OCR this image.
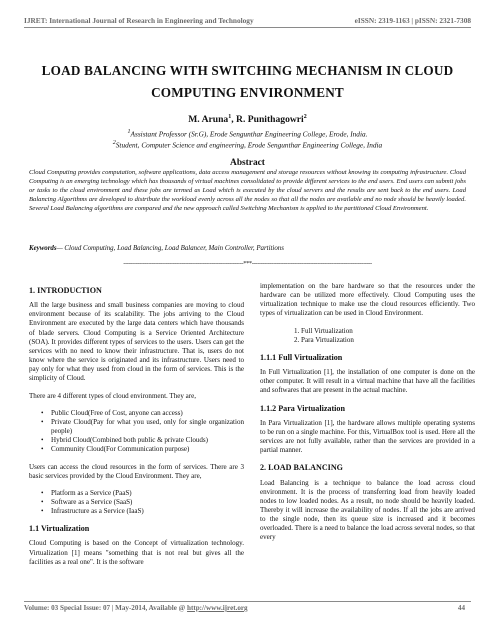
IJRET: International Journal of Research in Engineering and Technology	eISSN: 2319-1163 | pISSN: 2321-7308
LOAD BALANCING WITH SWITCHING MECHANISM IN CLOUD
COMPUTING ENVIRONMENT
M. Aruna$^1$, R. Punithagowri$^2$
$^1$Assistant Professor (Sr.G), Erode Sengunthar Engineering College, Erode, India.
$^2$Student, Computer Science and engineering, Erode Sengunthar Engineering College, India
Abstract
Cloud Computing provides computation, software applications, data access management and storage resources without knowing its computing infrastructure. Cloud Computing is an emerging technology which has thousands of virtual machines consolidated to provide different services to the end users. End users can submit jobs or tasks to the cloud environment and these jobs are termed as Load which is executed by the cloud servers and the results are sent back to the end users. Load Balancing Algorithms are developed to distribute the workload evenly across all the nodes so that all the nodes are available and no node should be heavily loaded. Several Load Balancing algorithms are compared and the new approach called Switching Mechanism is applied to the partitioned Cloud Environment.
Keywords— Cloud Computing, Load Balancing, Load Balancer, Main Controller, Partitions
--------------------------------------------------------------------***--------------------------------------------------------------------
1. INTRODUCTION

All the large business and small business companies are moving to cloud environment because of its scalability. The jobs arriving to the Cloud Environment are executed by the large data centers which have thousands of blade servers. Cloud Computing is a Service Oriented Architecture (SOA). It provides different types of services to the users. Users can get the services with no need to know their infrastructure. That is, users do not know where the service is originated and its infrastructure. Users need to pay only for what they used from cloud in the form of services. This is the simplicity of Cloud.

There are 4 different types of cloud environment. They are,

• Public Cloud(Free of Cost, anyone can access)
• Private Cloud(Pay for what you used, only for single organization people)
• Hybrid Cloud(Combined both public & private Clouds)
• Community Cloud(For Communication purpose)

Users can access the cloud resources in the form of services. There are 3 basic services provided by the Cloud Environment. They are,

• Platform as a Service (PaaS)
• Software as a Service (SaaS)
• Infrastructure as a Service (IaaS)
1.1 Virtualization

Cloud Computing is based on the Concept of virtualization technology. Virtualization [1] means "something that is not real but gives all the facilities as a real one". It is the software

implementation on the bare hardware so that the resources under the hardware can be utilized more effectively. Cloud Computing uses the virtualization technique to make use the cloud resources efficiently. Two types of virtualization can be used in Cloud Environment.

1. Full Virtualization
2. Para Virtualization
1.1.1 Full Virtualization

In Full Virtualization [1], the installation of one computer is done on the other computer. It will result in a virtual machine that have all the facilities and softwares that are present in the actual machine.

1.1.2 Para Virtualization

In Para Virtualization [1], the hardware allows multiple operating systems to be run on a single machine. For this, VirtualBox tool is used. Here all the services are not fully available, rather than the services are provided in a partial manner.

2. LOAD BALANCING

Load Balancing is a technique to balance the load across cloud environment. It is the process of transferring load from heavily loaded nodes to low loaded nodes. As a result, no node should be heavily loaded. Thereby it will increase the availability of nodes. If all the jobs are arrived to the single node, then its queue size is increased and it becomes overloaded. There is a need to balance the load across several nodes, so that every

Volume: 03 Special Issue: 07 | May-2014, Available @ http://www.ijret.org	44
